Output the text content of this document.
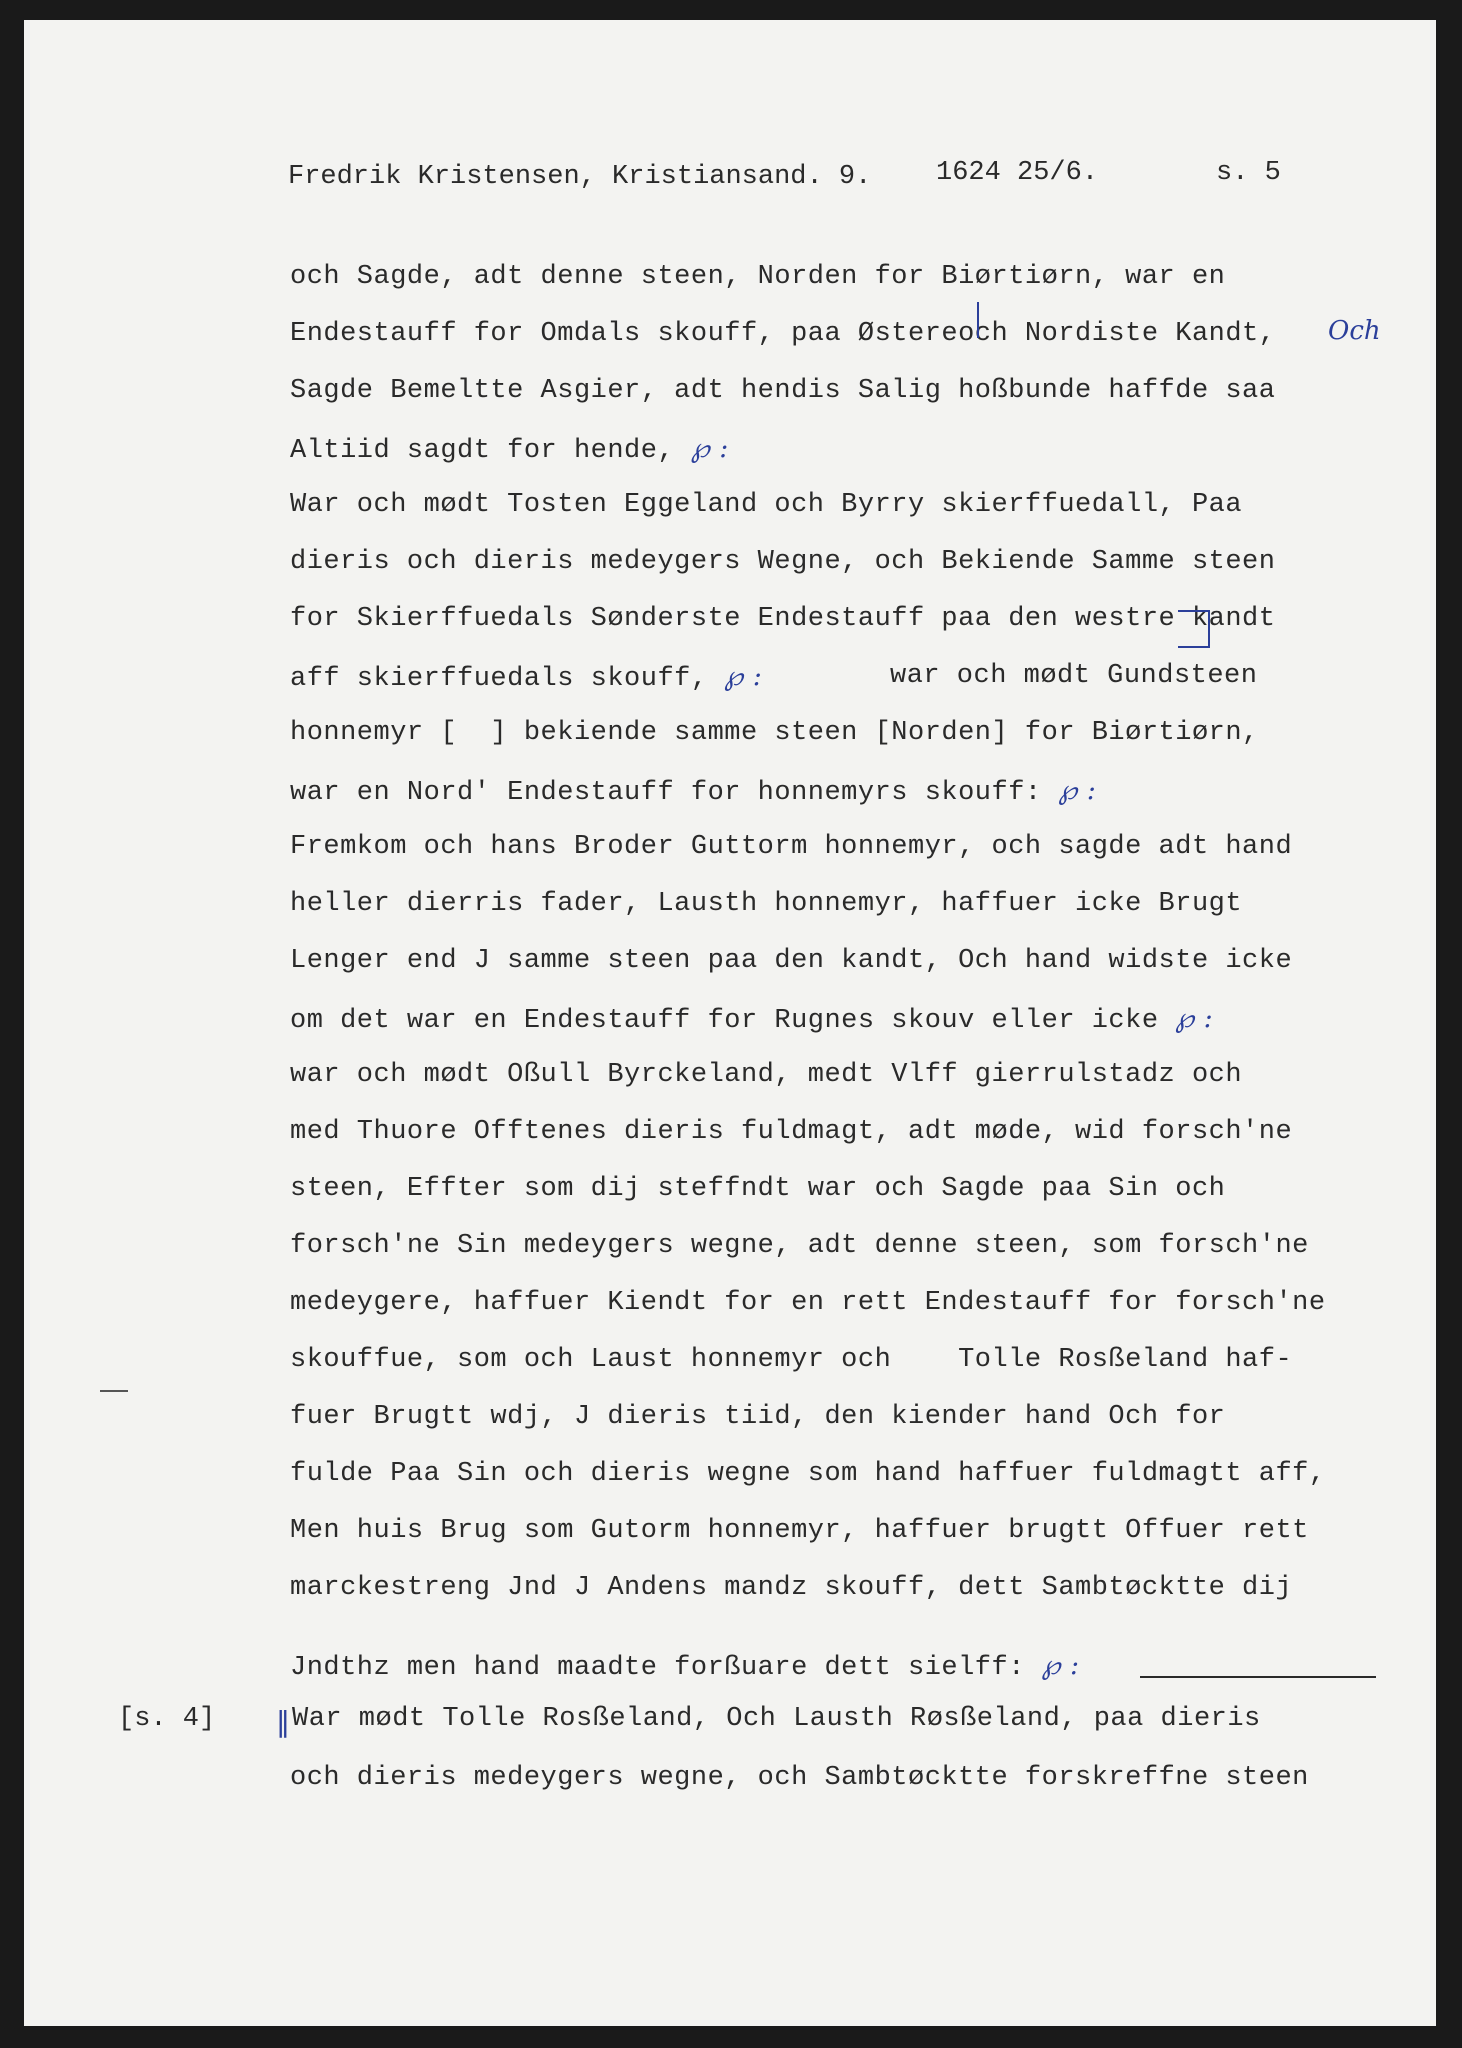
Fredrik Kristensen, Kristiansand. 9. 1624 25/6.	s. 5
och Sagde, adt denne steen, Norden for Biørtiørn, war en
Endestauff for Omdals skouff, paa Østereoch Nordiste Kandt, Och
Sagde Bemeltte Asgier, adt hendis Salig hoßbunde haffde saa
Altiid sagdt for hende, ℘ :
War och mødt Tosten Eggeland och Byrry skierffuedall, Paa
dieris och dieris medeygers Wegne, och Bekiende Samme steen
for Skierffuedals Sønderste Endestauff paa den westre kandt
aff skierffuedals skouff, ℘ :	war och mødt Gundsteen
honnemyr [  ] bekiende samme steen [Norden] for Biørtiørn,
war en Nord' Endestauff for honnemyrs skouff: ℘ :
Fremkom och hans Broder Guttorm honnemyr, och sagde adt hand
heller dierris fader, Lausth honnemyr, haffuer icke Brugt
Lenger end J samme steen paa den kandt, Och hand widste icke
om det war en Endestauff for Rugnes skouv eller icke ℘ :
war och mødt Oßull Byrckeland, medt Vlff gierrulstadz och
med Thuore Offtenes dieris fuldmagt, adt møde, wid forsch'ne
steen, Effter som dij steffndt war och Sagde paa Sin och
forsch'ne Sin medeygers wegne, adt denne steen, som forsch'ne
medeygere, haffuer Kiendt for en rett Endestauff for forsch'ne
skouffue, som och Laust honnemyr och    Tolle Rosßeland haf-
fuer Brugtt wdj, J dieris tiid, den kiender hand Och for
fulde Paa Sin och dieris wegne som hand haffuer fuldmagtt aff,
Men huis Brug som Gutorm honnemyr, haffuer brugtt Offuer rett
marckestreng Jnd J Andens mandz skouff, dett Sambtøcktte dij
Jndthz men hand maadte forßuare dett sielff: ℘ :
[s. 4] ‖ War mødt Tolle Rosßeland, Och Lausth Røsßeland, paa dieris
och dieris medeygers wegne, och Sambtøcktte forskreffne steen
